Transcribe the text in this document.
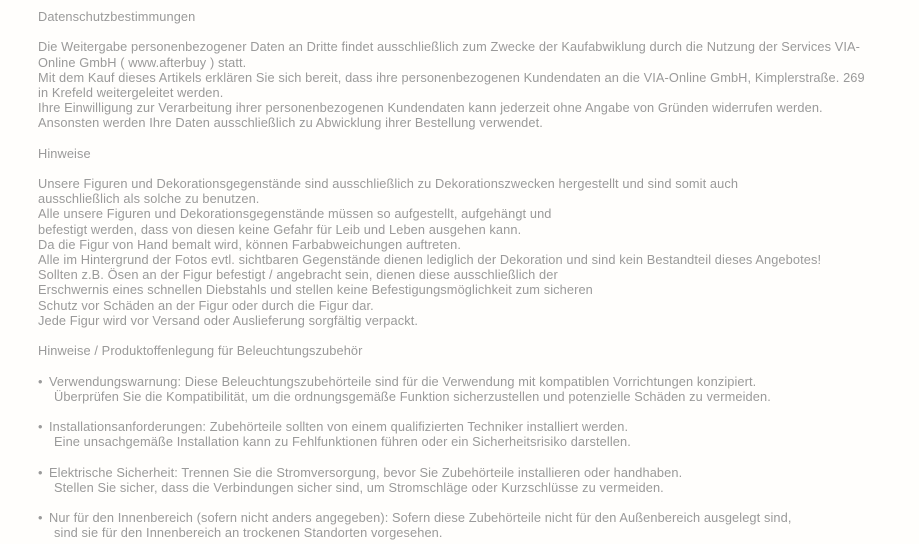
Datenschutzbestimmungen
Die Weitergabe personenbezogener Daten an Dritte findet ausschließlich zum Zwecke der Kaufabwiklung durch die Nutzung der Services VIA-
Online GmbH ( www.afterbuy ) statt.
Mit dem Kauf dieses Artikels erklären Sie sich bereit, dass ihre personenbezogenen Kundendaten an die VIA-Online GmbH, Kimplerstraße. 269
in Krefeld weitergeleitet werden.
Ihre Einwilligung zur Verarbeitung ihrer personenbezogenen Kundendaten kann jederzeit ohne Angabe von Gründen widerrufen werden.
Ansonsten werden Ihre Daten ausschließlich zu Abwicklung ihrer Bestellung verwendet.
Hinweise
Unsere Figuren und Dekorationsgegenstände sind ausschließlich zu Dekorationszwecken hergestellt und sind somit auch
ausschließlich als solche zu benutzen.
Alle unsere Figuren und Dekorationsgegenstände müssen so aufgestellt, aufgehängt und
befestigt werden, dass von diesen keine Gefahr für Leib und Leben ausgehen kann.
Da die Figur von Hand bemalt wird, können Farbabweichungen auftreten.
Alle im Hintergrund der Fotos evtl. sichtbaren Gegenstände dienen lediglich der Dekoration und sind kein Bestandteil dieses Angebotes!
Sollten z.B. Ösen an der Figur befestigt / angebracht sein, dienen diese ausschließlich der
Erschwernis eines schnellen Diebstahls und stellen keine Befestigungsmöglichkeit zum sicheren
Schutz vor Schäden an der Figur oder durch die Figur dar.
Jede Figur wird vor Versand oder Auslieferung sorgfältig verpackt.
Hinweise / Produktoffenlegung für Beleuchtungszubehör
• Verwendungswarnung: Diese Beleuchtungszubehörteile sind für die Verwendung mit kompatiblen Vorrichtungen konzipiert.
Überprüfen Sie die Kompatibilität, um die ordnungsgemäße Funktion sicherzustellen und potenzielle Schäden zu vermeiden.
• Installationsanforderungen: Zubehörteile sollten von einem qualifizierten Techniker installiert werden.
Eine unsachgemäße Installation kann zu Fehlfunktionen führen oder ein Sicherheitsrisiko darstellen.
• Elektrische Sicherheit: Trennen Sie die Stromversorgung, bevor Sie Zubehörteile installieren oder handhaben.
Stellen Sie sicher, dass die Verbindungen sicher sind, um Stromschläge oder Kurzschlüsse zu vermeiden.
• Nur für den Innenbereich (sofern nicht anders angegeben): Sofern diese Zubehörteile nicht für den Außenbereich ausgelegt sind,
sind sie für den Innenbereich an trockenen Standorten vorgesehen.
